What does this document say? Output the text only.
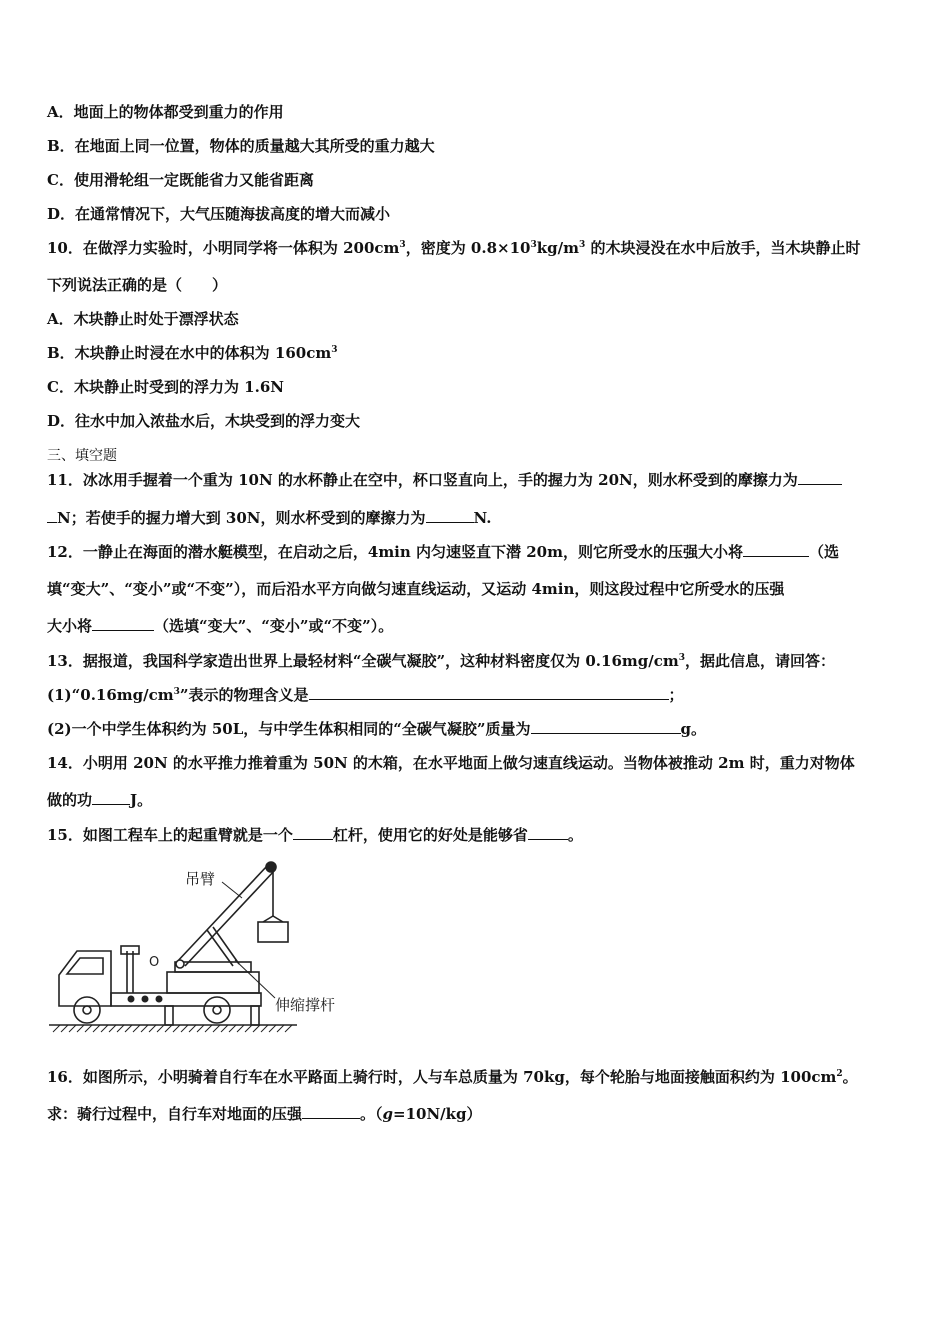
A．地面上的物体都受到重力的作用
B．在地面上同一位置，物体的质量越大其所受的重力越大
C．使用滑轮组一定既能省力又能省距离
D．在通常情况下，大气压随海拔高度的增大而减小
10．在做浮力实验时，小明同学将一体积为 $200cm^3$，密度为 $0.8\times 10^3kg/m^3$ 的木块浸没在水中后放手，当木块静止时
下列说法正确的是（　　）
A．木块静止时处于漂浮状态
B．木块静止时浸在水中的体积为 $160cm^3$
C．木块静止时受到的浮力为 1.6N
D．往水中加入浓盐水后，木块受到的浮力变大
三、填空题
11．冰冰用手握着一个重为 10N 的水杯静止在空中，杯口竖直向上，手的握力为 20N，则水杯受到的摩擦力为
N；若使手的握力增大到 30N，则水杯受到的摩擦力为	N.
12．一静止在海面的潜水艇模型，在启动之后，4min 内匀速竖直下潜 20m，则它所受水的压强大小将	（选
填“变大”、“变小”或“不变”），而后沿水平方向做匀速直线运动，又运动 4min，则这段过程中它所受水的压强
大小将	（选填“变大”、“变小”或“不变”）。
13．据报道，我国科学家造出世界上最轻材料“全碳气凝胶”，这种材料密度仅为 $0.16mg/cm^3$，据此信息，请回答：
$(1)“0.16mg/cm^3$”表示的物理含义是	；
(2)一个中学生体积约为 50L，与中学生体积相同的“全碳气凝胶”质量为	g。
14．小明用 20N 的水平推力推着重为 50N 的木箱，在水平地面上做匀速直线运动。当物体被推动 2m 时，重力对物体
做的功	J。
15．如图工程车上的起重臂就是一个	杠杆，使用它的好处是能够省	。
吊臂
O
伸缩撑杆
16．如图所示，小明骑着自行车在水平路面上骑行时，人与车总质量为 70kg，每个轮胎与地面接触面积约为 $100cm^2$。
求：骑行过程中，自行车对地面的压强	。（g=10N/kg）
